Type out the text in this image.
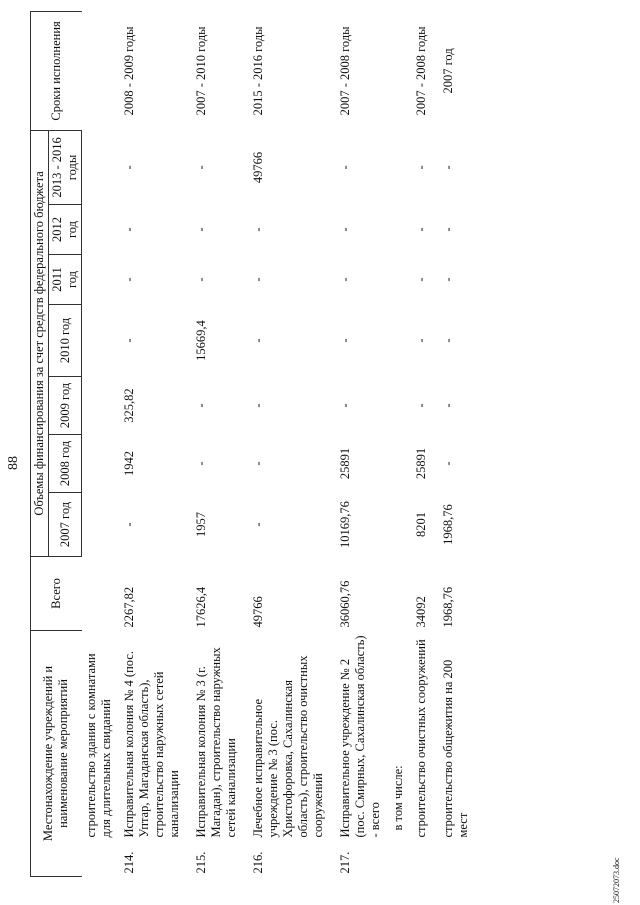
88
Местонахождение учреждений и наименование мероприятий		Всего	Объемы финансирования за счет средств федерального бюджета							Сроки исполнения
			2007 год	2008 год	2009 год	2010 год	2011 год	2012 год	2013 - 2016 годы	
	строительство здания с комнатами для длительных свиданий									
214.	Исправительная колония № 4 (пос. Уптар, Магаданская область), строительство наружных сетей канализации	2267,82	-	1942	325,82	-	-	-	-	2008 - 2009 годы
215.	Исправительная колония № 3 (г. Магадан), строительство наружных сетей канализации	17626,4	1957	-	-	15669,4	-	-	-	2007 - 2010 годы
216.	Лечебное исправительное учреждение № 3 (пос. Христофоровка, Сахалинская область), строительство очистных сооружений	49766	-	-	-	-	-	-	49766	2015 - 2016 годы
217.	Исправительное учреждение № 2 (пос. Смирных, Сахалинская область) - всего	36060,76	10169,76	25891	-	-	-	-	-	2007 - 2008 годы
	в том числе:									
	строительство очистных сооружений	34092	8201	25891	-	-	-	-	-	2007 - 2008 годы
	строительство общежития на 200 мест	1968,76	1968,76	-	-	-	-	-	-	2007 год
25072073.doc
